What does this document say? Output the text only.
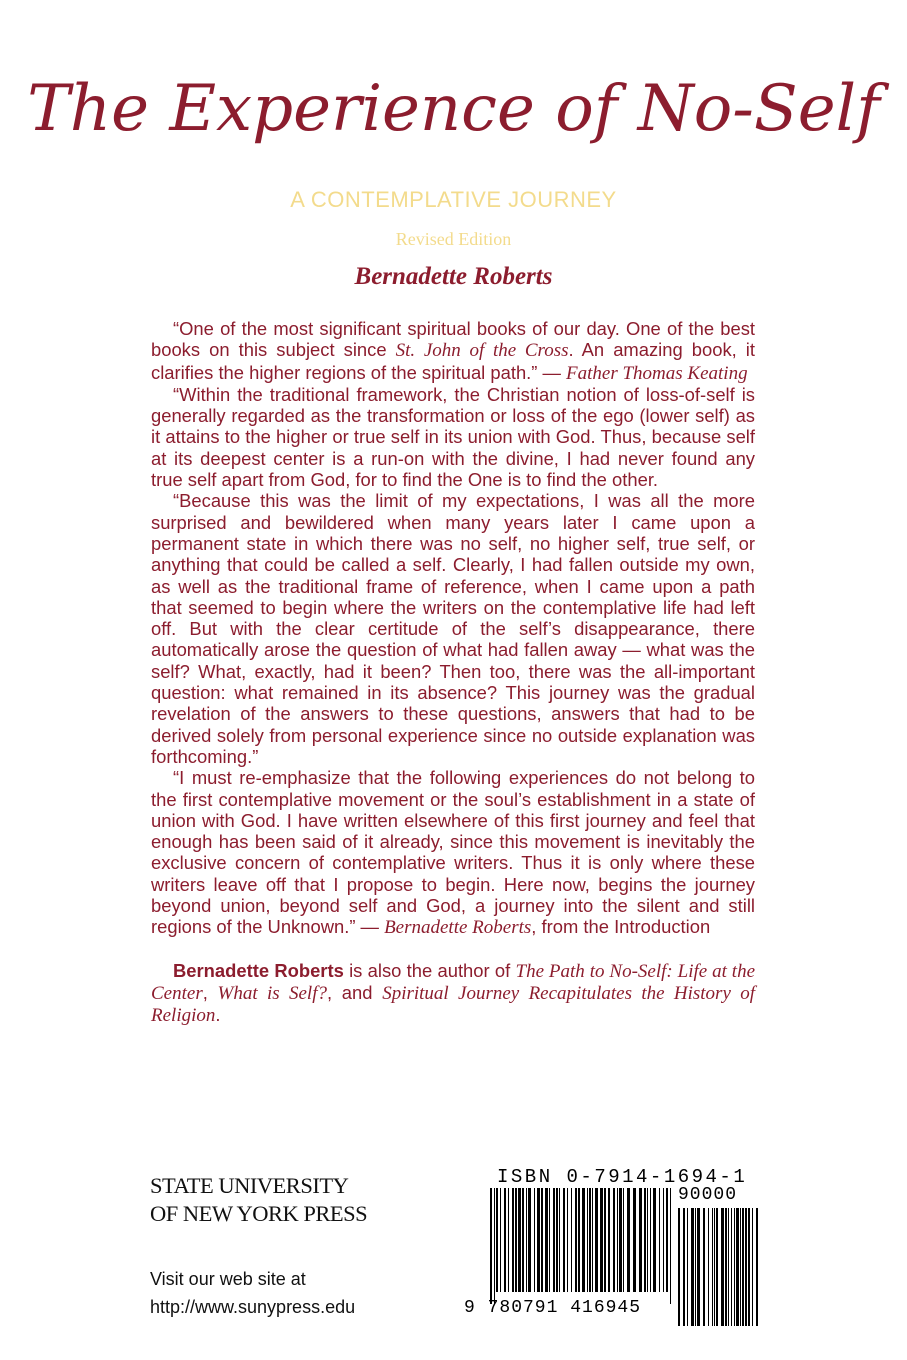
The Experience of No-Self
A CONTEMPLATIVE JOURNEY
Revised Edition
Bernadette Roberts

“One of the most significant spiritual books of our day. One of the best books on this subject since St. John of the Cross. An amazing book, it clarifies the higher regions of the spiritual path.” — Father Thomas Keating

“Within the traditional framework, the Christian notion of loss-of-self is generally regarded as the transformation or loss of the ego (lower self) as it attains to the higher or true self in its union with God. Thus, because self at its deepest center is a run-on with the divine, I had never found any true self apart from God, for to find the One is to find the other.

“Because this was the limit of my expectations, I was all the more surprised and bewildered when many years later I came upon a permanent state in which there was no self, no higher self, true self, or anything that could be called a self. Clearly, I had fallen outside my own, as well as the traditional frame of reference, when I came upon a path that seemed to begin where the writers on the contemplative life had left off. But with the clear certitude of the self’s disappearance, there automatically arose the question of what had fallen away — what was the self? What, exactly, had it been? Then too, there was the all-important question: what remained in its absence? This journey was the gradual revelation of the answers to these questions, answers that had to be derived solely from personal experience since no outside explanation was forthcoming.”

“I must re-emphasize that the following experiences do not belong to the first contemplative movement or the soul’s establishment in a state of union with God. I have written elsewhere of this first journey and feel that enough has been said of it already, since this movement is inevitably the exclusive concern of contemplative writers. Thus it is only where these writers leave off that I propose to begin. Here now, begins the journey beyond union, beyond self and God, a journey into the silent and still regions of the Unknown.” — Bernadette Roberts, from the Introduction

Bernadette Roberts is also the author of The Path to No-Self: Life at the Center, What is Self?, and Spiritual Journey Recapitulates the History of Religion.

STATE UNIVERSITY
OF NEW YORK PRESS
Visit our web site at
http://www.sunypress.edu
ISBN 0-7914-1694-1
90000
9 780791 416945
